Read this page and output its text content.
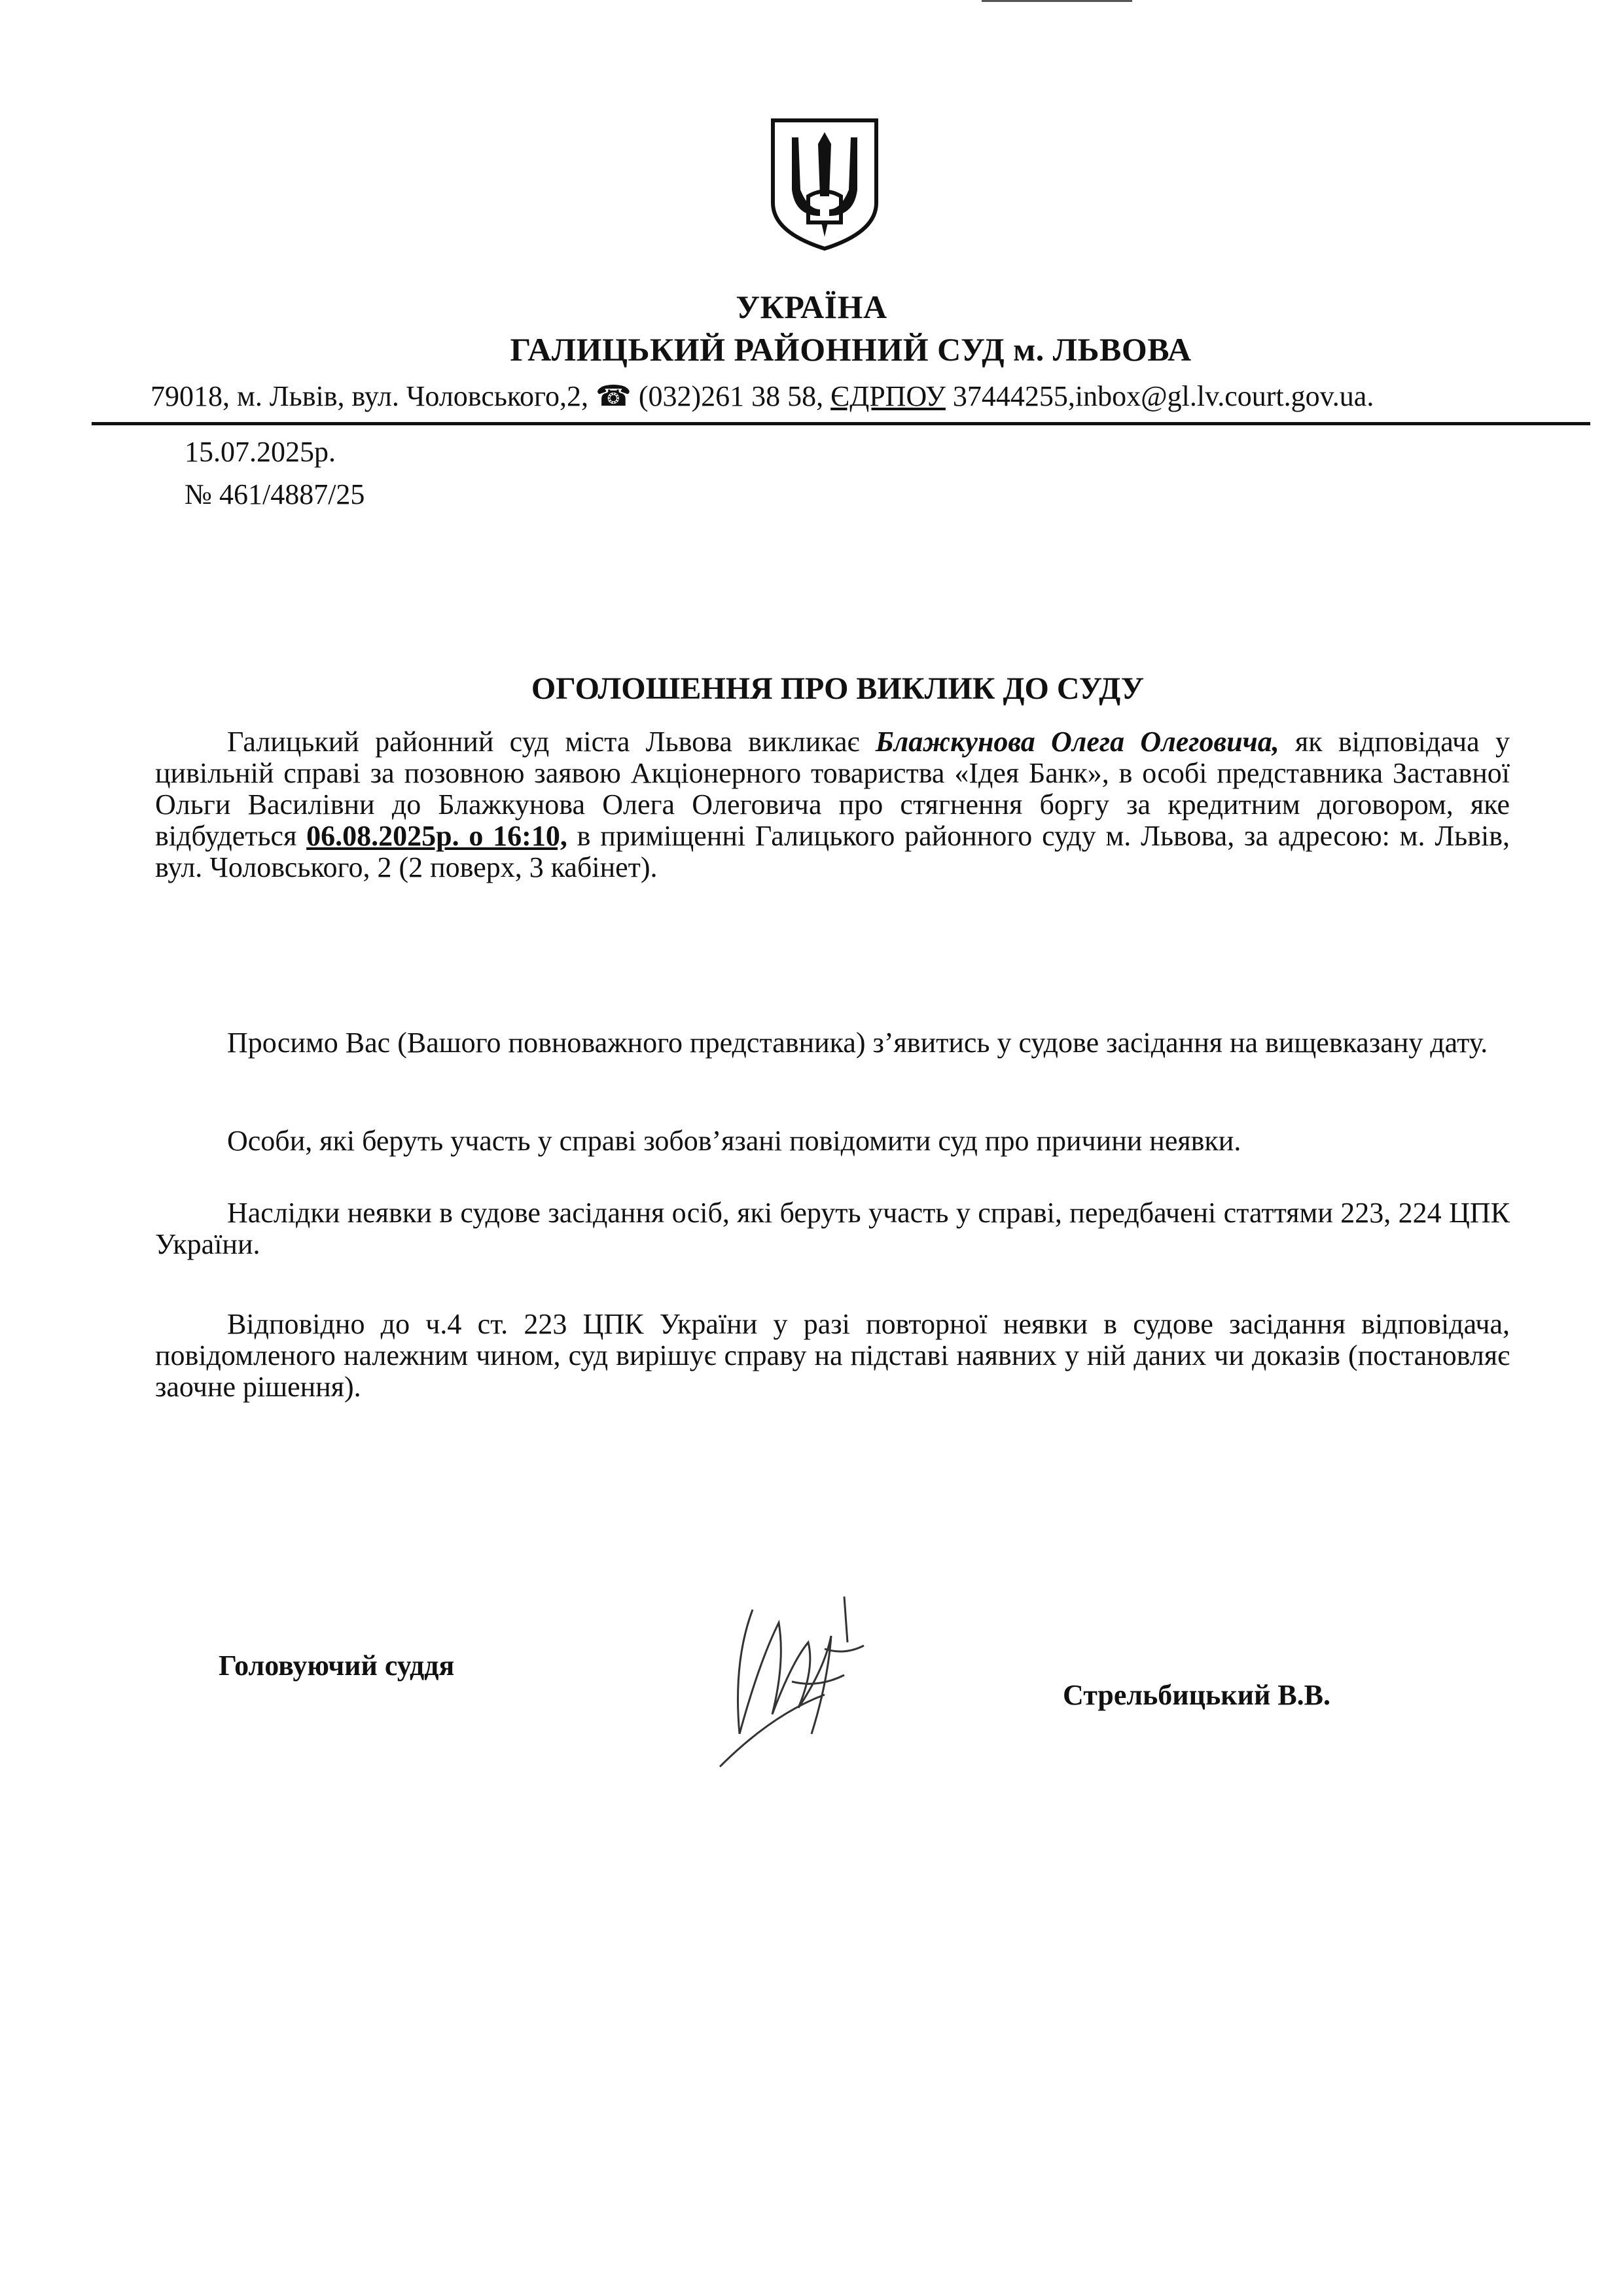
УКРАЇНА
ГАЛИЦЬКИЙ РАЙОННИЙ СУД м. ЛЬВОВА
79018, м. Львів, вул. Чоловського,2, ☎ (032)261 38 58, ЄДРПОУ 37444255,inbox@gl.lv.court.gov.ua.
15.07.2025р.
№ 461/4887/25
ОГОЛОШЕННЯ ПРО ВИКЛИК ДО СУДУ
Галицький районний суд міста Львова викликає Блажкунова Олега Олеговича, як відповідача у цивільній справі за позовною заявою Акціонерного товариства «Ідея Банк», в особі представника Заставної Ольги Василівни до Блажкунова Олега Олеговича про стягнення боргу за кредитним договором, яке відбудеться 06.08.2025р. о 16:10, в приміщенні Галицького районного суду м. Львова, за адресою: м. Львів, вул. Чоловського, 2 (2 поверх, 3 кабінет).
Просимо Вас (Вашого повноважного представника) з’явитись у судове засідання на вищевказану дату.
Особи, які беруть участь у справі зобов’язані повідомити суд про причини неявки.
Наслідки неявки в судове засідання осіб, які беруть участь у справі, передбачені статтями 223, 224 ЦПК України.
Відповідно до ч.4 ст. 223 ЦПК України у разі повторної неявки в судове засідання відповідача, повідомленого належним чином, суд вирішує справу на підставі наявних у ній даних чи доказів (постановляє заочне рішення).
Головуючий суддя
Стрельбицький В.В.
